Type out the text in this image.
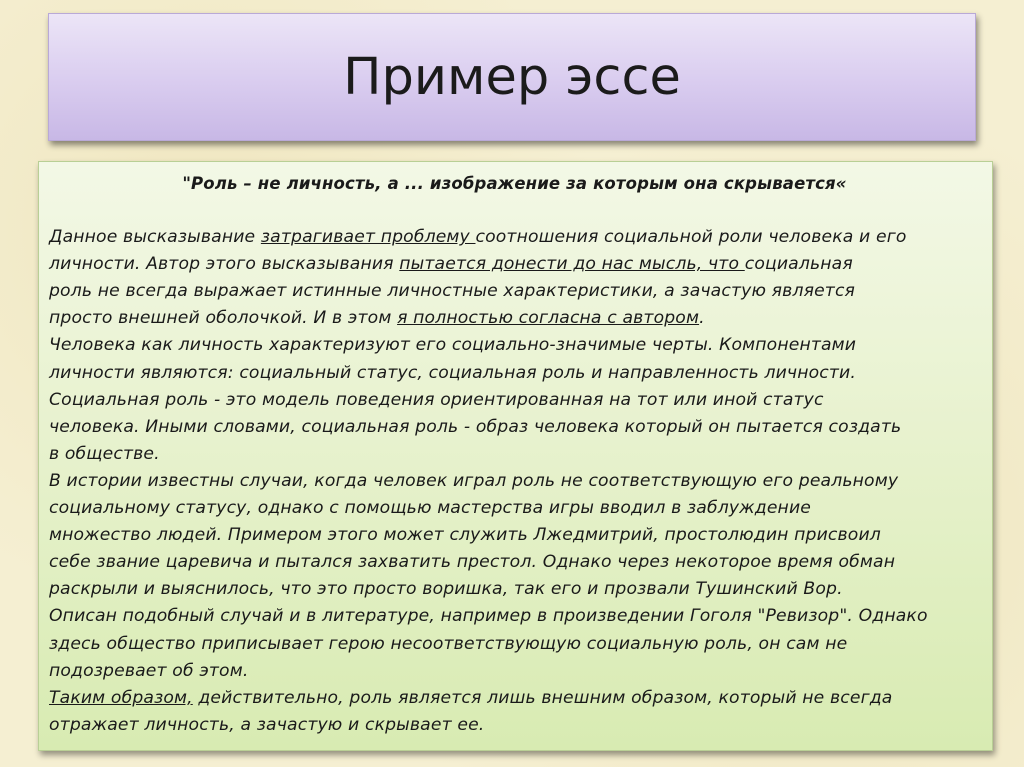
Пример эссе

"Роль – не личность, а ... изображение за которым она скрывается«

Данное высказывание затрагивает проблему соотношения социальной роли человека и его
личности. Автор этого высказывания пытается донести до нас мысль, что социальная
роль не всегда выражает истинные личностные характеристики, а зачастую является
просто внешней оболочкой. И в этом я полностью согласна с автором.
Человека как личность характеризуют его социально-значимые черты. Компонентами
личности являются: социальный статус, социальная роль и направленность личности.
Социальная роль - это модель поведения ориентированная на тот или иной статус
человека. Иными словами, социальная роль - образ человека который он пытается создать
в обществе.
В истории известны случаи, когда человек играл роль не соответствующую его реальному
социальному статусу, однако с помощью мастерства игры вводил в заблуждение
множество людей. Примером этого может служить Лжедмитрий, простолюдин присвоил
себе звание царевича и пытался захватить престол. Однако через некоторое время обман
раскрыли и выяснилось, что это просто воришка, так его и прозвали Тушинский Вор.
Описан подобный случай и в литературе, например в произведении Гоголя "Ревизор". Однако
здесь общество приписывает герою несоответствующую социальную роль, он сам не
подозревает об этом.
Таким образом, действительно, роль является лишь внешним образом, который не всегда
отражает личность, а зачастую и скрывает ее.
